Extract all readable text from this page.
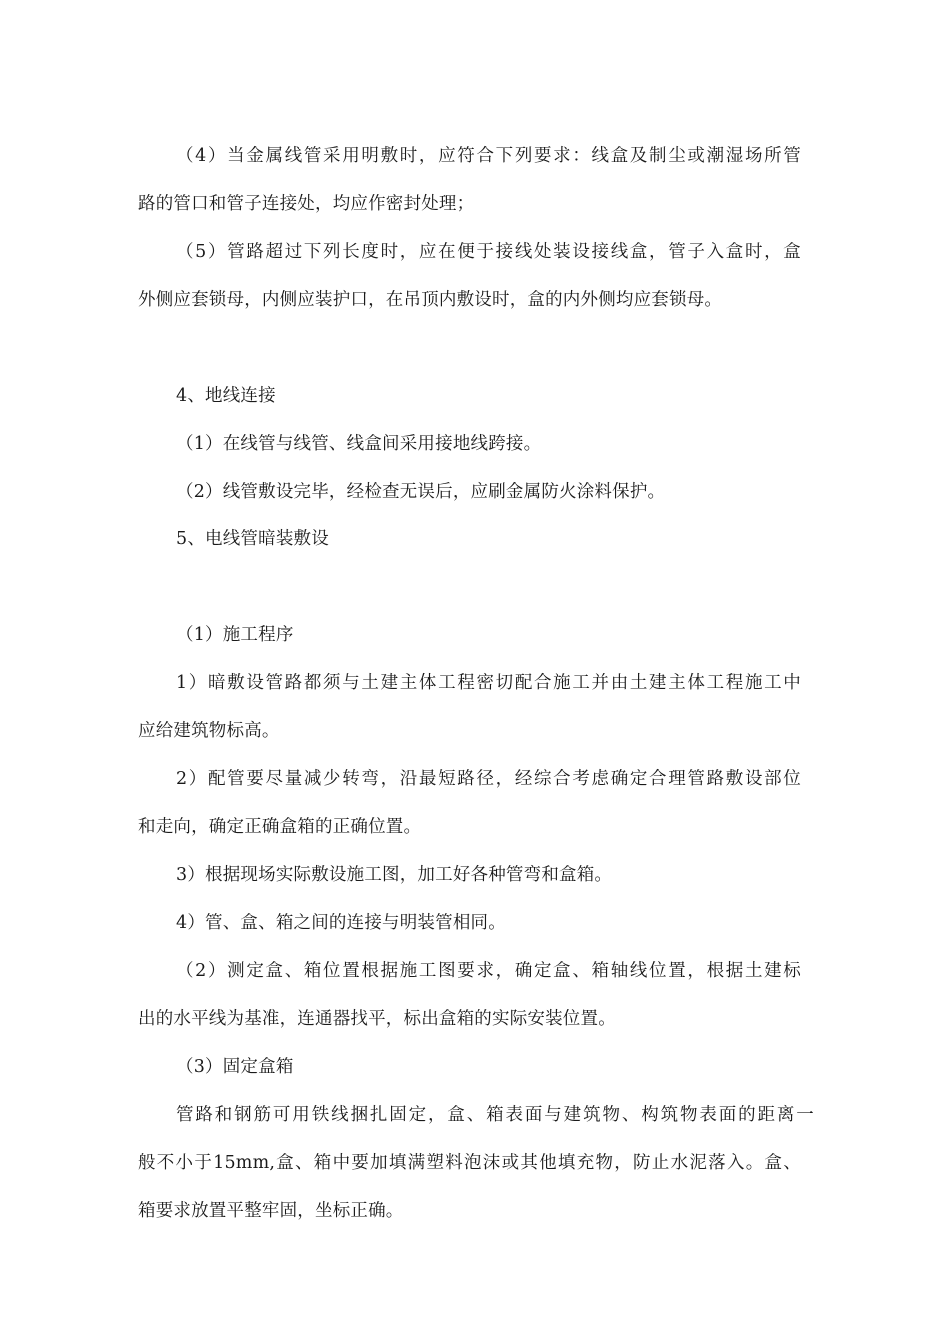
（4）当金属线管采用明敷时，应符合下列要求：线盒及制尘或潮湿场所管
路的管口和管子连接处，均应作密封处理；
（5）管路超过下列长度时，应在便于接线处装设接线盒，管子入盒时，盒
外侧应套锁母，内侧应装护口，在吊顶内敷设时，盒的内外侧均应套锁母。
4、地线连接
（1）在线管与线管、线盒间采用接地线跨接。
（2）线管敷设完毕，经检查无误后，应刷金属防火涂料保护。
5、电线管暗装敷设
（1）施工程序
1）暗敷设管路都须与土建主体工程密切配合施工并由土建主体工程施工中
应给建筑物标高。
2）配管要尽量减少转弯，沿最短路径，经综合考虑确定合理管路敷设部位
和走向，确定正确盒箱的正确位置。
3）根据现场实际敷设施工图，加工好各种管弯和盒箱。
4）管、盒、箱之间的连接与明装管相同。
（2）测定盒、箱位置根据施工图要求，确定盒、箱轴线位置，根据土建标
出的水平线为基准，连通器找平，标出盒箱的实际安装位置。
（3）固定盒箱
管路和钢筋可用铁线捆扎固定，盒、箱表面与建筑物、构筑物表面的距离一
般不小于15mm,盒、箱中要加填满塑料泡沫或其他填充物，防止水泥落入。盒、
箱要求放置平整牢固，坐标正确。
